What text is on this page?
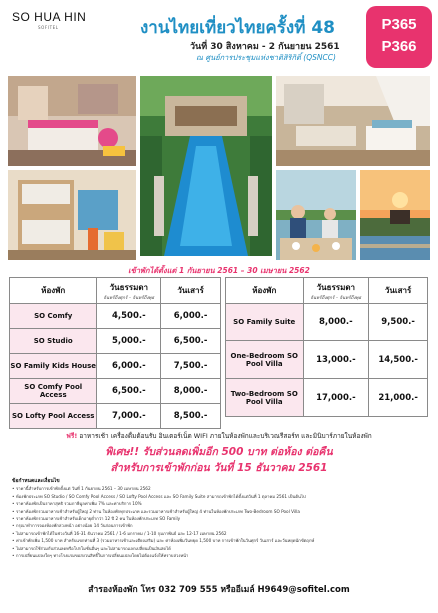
SO HUA HIN
SOFITEL	งานไทยเที่ยวไทยครั้งที่ 48
วันที่ 30 สิงหาคม - 2 กันยายน 2561
ณ ศูนย์การประชุมแห่งชาติสิริกิติ์ (QSNCC)
P365
P366
เข้าพักได้ตั้งแต่ 1 กันยายน 2561 – 30 เมษายน 2562
ห้องพัก	วันธรรมดา
จันทร์ถึงศุกร์ – จันทร์ถึงพุธ	วันเสาร์
SO Comfy	4,500.-	6,000.-
SO Studio	5,000.-	6,500.-
SO Family Kids House	6,000.-	7,500.-
SO Comfy Pool Access	6,500.-	8,000.-
SO Lofty Pool Access	7,000.-	8,500.-
ห้องพัก	วันธรรมดา
จันทร์ถึงศุกร์ – จันทร์ถึงพุธ	วันเสาร์
SO Family Suite	8,000.-	9,500.-
One-Bedroom SO Pool Villa	13,000.-	14,500.-
Two-Bedroom SO Pool Villa	17,000.-	21,000.-
ฟรี! อาหารเช้า เครื่องดื่มต้อนรับ อินเตอร์เน็ต WIFI ภายในห้องพักและบริเวณรีสอร์ท และมินิบาร์ภายในห้องพัก
พิเศษ!! รับส่วนลดเพิ่มอีก 500 บาท ต่อห้อง ต่อคืน
สำหรับการเข้าพักก่อน วันที่ 15 ธันวาคม 2561
ข้อกำหนดและเงื่อนไข
• ราคานี้สำหรับการเข้าพักตั้งแต่ วันที่ 1 กันยายน 2561 – 30 เมษายน 2562
• ห้องพักประเภท SO Studio / SO Comfy Pool Access / SO Lofty Pool Access และ SO Family Suite สามารถเข้าพักได้ตั้งแต่วันที่ 1 ตุลาคม 2561 เป็นต้นไป
• ราคาห้องพักเป็นราคาสุทธิ รวมภาษีมูลค่าเพิ่ม 7% และค่าบริการ 10%
• ราคาห้องพักรวมอาหารเช้าสำหรับผู้ใหญ่ 2 ท่าน ในห้องพักทุกประเภท และรวมอาหารเช้าสำหรับผู้ใหญ่ 4 ท่านในห้องพักประเภท Two-Bedroom SO Pool Villa
• ราคาห้องพักรวมอาหารเช้าสำหรับเด็กอายุต่ำกว่า 12 ปี 2 คน ในห้องพักประเภท SO Family
• กรุณาทำการจองห้องพักล่วงหน้า อย่างน้อย 14 วันก่อนการเข้าพัก
• ไม่สามารถเข้าพักได้ในช่วงวันที่ 16-31 ธันวาคม 2561 / 1-6 มกราคม / 1-10 กุมภาพันธ์ และ 12-17 เมษายน 2562
• ค่าเข้าพักเพิ่ม 1,500 บาท สำหรับแขกท่านที่ 3 (รวมอาหารเช้าและเตียงเสริม) และ ค่าห้องเพิ่มวันหยุด 1,500 บาท การเข้าพักในวันศุกร์ วันเสาร์ และวันหยุดนักขัตฤกษ์
• ไม่สามารถใช้ร่วมกับส่วนลดหรือโปรโมชั่นอื่นๆ และไม่สามารถแลกเปลี่ยนเป็นเงินสดได้
• การเปลี่ยนแปลงใดๆ ทางโรงแรมขอสงวนสิทธิ์ในการเปลี่ยนแปลงโดยไม่ต้องแจ้งให้ทราบล่วงหน้า
สำรองห้องพัก โทร 032 709 555 หรืออีเมล์ H9649@sofitel.com
